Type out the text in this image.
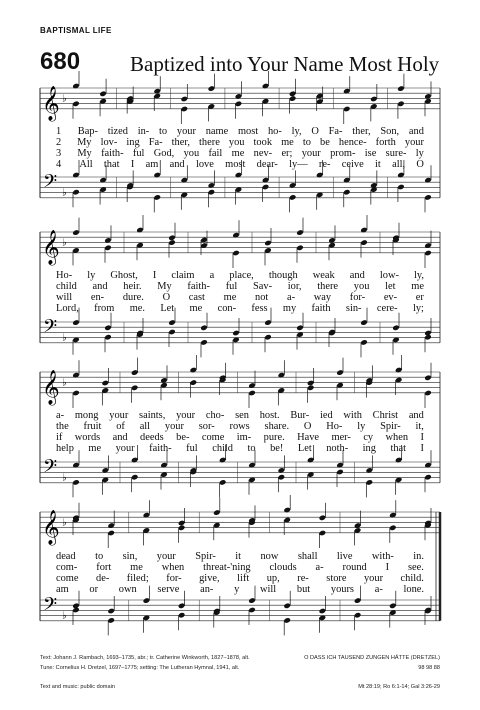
BAPTISMAL LIFE
680 Baptized into Your Name Most Holy
𝄞
𝄢
♭
♭
𝄞
𝄢
♭
♭
𝄞
𝄢
♭
♭
𝄞
𝄢
♭
♭
1	Bap- tized in- to your name most ho- ly, O Fa- ther, Son, and
2	My lov- ing Fa- ther, there you took me to be hence- forth your
3	My faith- ful God, you fail me nev- er; your prom- ise sure- ly
4	All that I am and love most dear- ly— re- ceive it all, O
Ho- ly Ghost, I claim a place, though weak and low- ly,
child and heir. My faith- ful Sav- ior, there you let me
will en- dure. O cast me not a- way for- ev- er
Lord, from me. Let me con- fess my faith sin- cere- ly;
a- mong your saints, your cho- sen host. Bur- ied with Christ and
the fruit of all your sor- rows share. O Ho- ly Spir- it,
if words and deeds be- come im- pure. Have mer- cy when I
help me your faith- ful child to be! Let noth- ing that I
dead to sin, your Spir- it now shall live with- in.
com- fort me when threat-'ning clouds a- round I see.
come de- filed; for- give, lift up, re- store your child.
am or own serve an- y will but yours a- lone.
Text: Johann J. Rambach, 1693–1735, abr.; tr. Catherine Winkworth, 1827–1878, alt.
Tune: Cornelius H. Dretzel, 1697–1775; setting: The Lutheran Hymnal, 1941, alt.
Text and music: public domain
O DASS ICH TAUSEND ZUNGEN HÄTTE (DRETZEL)
98 98 88
Mt 28:19; Ro 6:1-14; Gal 3:26-29
